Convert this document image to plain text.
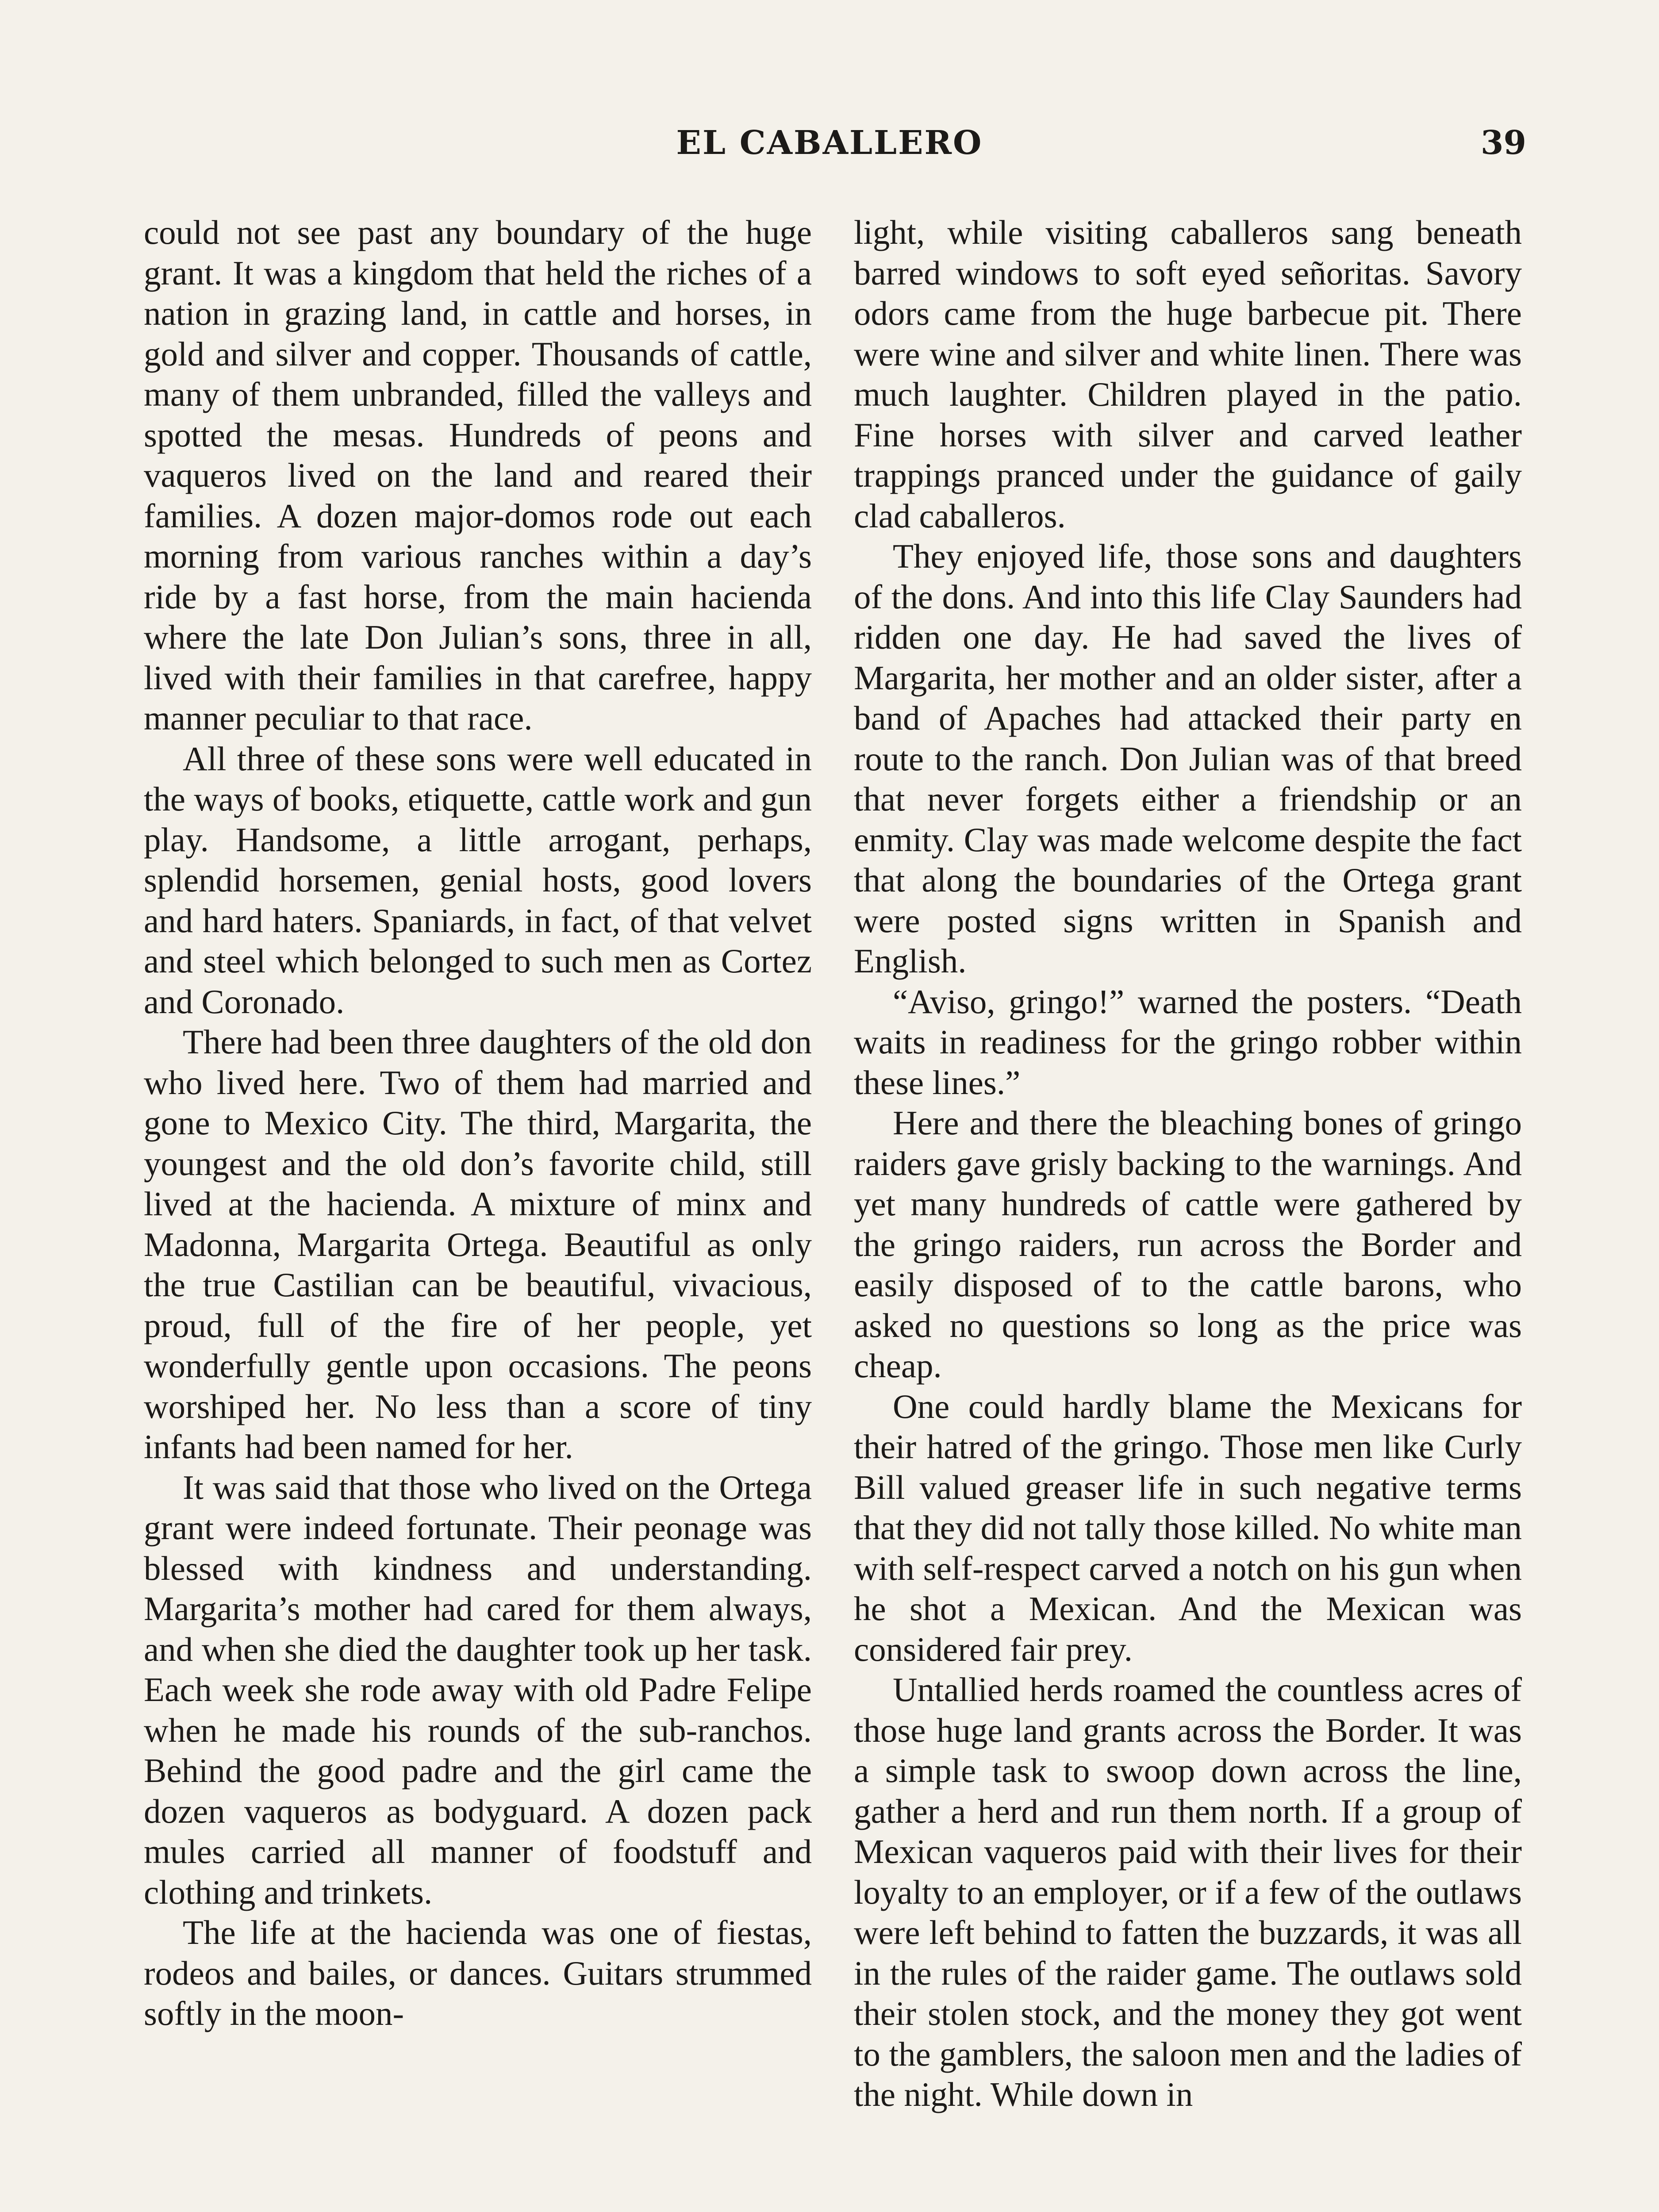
EL CABALLERO	39

could not see past any boundary of the huge grant. It was a kingdom that held the riches of a nation in grazing land, in cattle and horses, in gold and silver and copper. Thousands of cattle, many of them unbranded, filled the valleys and spotted the mesas. Hundreds of peons and vaqueros lived on the land and reared their families. A dozen major-domos rode out each morning from various ranches within a day’s ride by a fast horse, from the main hacienda where the late Don Julian’s sons, three in all, lived with their families in that carefree, happy manner peculiar to that race.

All three of these sons were well educated in the ways of books, etiquette, cattle work and gun play. Handsome, a little arrogant, perhaps, splendid horsemen, genial hosts, good lovers and hard haters. Spaniards, in fact, of that velvet and steel which belonged to such men as Cortez and Coronado.

There had been three daughters of the old don who lived here. Two of them had married and gone to Mexico City. The third, Margarita, the youngest and the old don’s favorite child, still lived at the hacienda. A mixture of minx and Madonna, Margarita Ortega. Beautiful as only the true Castilian can be beautiful, vivacious, proud, full of the fire of her people, yet wonderfully gentle upon occasions. The peons worshiped her. No less than a score of tiny infants had been named for her.

It was said that those who lived on the Ortega grant were indeed fortunate. Their peonage was blessed with kindness and understanding. Margarita’s mother had cared for them always, and when she died the daughter took up her task. Each week she rode away with old Padre Felipe when he made his rounds of the sub-ranchos. Behind the good padre and the girl came the dozen vaqueros as bodyguard. A dozen pack mules carried all manner of foodstuff and clothing and trinkets.

The life at the hacienda was one of fiestas, rodeos and bailes, or dances. Guitars strummed softly in the moon-

light, while visiting caballeros sang beneath barred windows to soft eyed señoritas. Savory odors came from the huge barbecue pit. There were wine and silver and white linen. There was much laughter. Children played in the patio. Fine horses with silver and carved leather trappings pranced under the guidance of gaily clad caballeros.

They enjoyed life, those sons and daughters of the dons. And into this life Clay Saunders had ridden one day. He had saved the lives of Margarita, her mother and an older sister, after a band of Apaches had attacked their party en route to the ranch. Don Julian was of that breed that never forgets either a friendship or an enmity. Clay was made welcome despite the fact that along the boundaries of the Ortega grant were posted signs written in Spanish and English.

“Aviso, gringo!” warned the posters. “Death waits in readiness for the gringo robber within these lines.”

Here and there the bleaching bones of gringo raiders gave grisly backing to the warnings. And yet many hundreds of cattle were gathered by the gringo raiders, run across the Border and easily disposed of to the cattle barons, who asked no questions so long as the price was cheap.

One could hardly blame the Mexicans for their hatred of the gringo. Those men like Curly Bill valued greaser life in such negative terms that they did not tally those killed. No white man with self-respect carved a notch on his gun when he shot a Mexican. And the Mexican was considered fair prey.

Untallied herds roamed the countless acres of those huge land grants across the Border. It was a simple task to swoop down across the line, gather a herd and run them north. If a group of Mexican vaqueros paid with their lives for their loyalty to an employer, or if a few of the outlaws were left behind to fatten the buzzards, it was all in the rules of the raider game. The outlaws sold their stolen stock, and the money they got went to the gamblers, the saloon men and the ladies of the night. While down in
